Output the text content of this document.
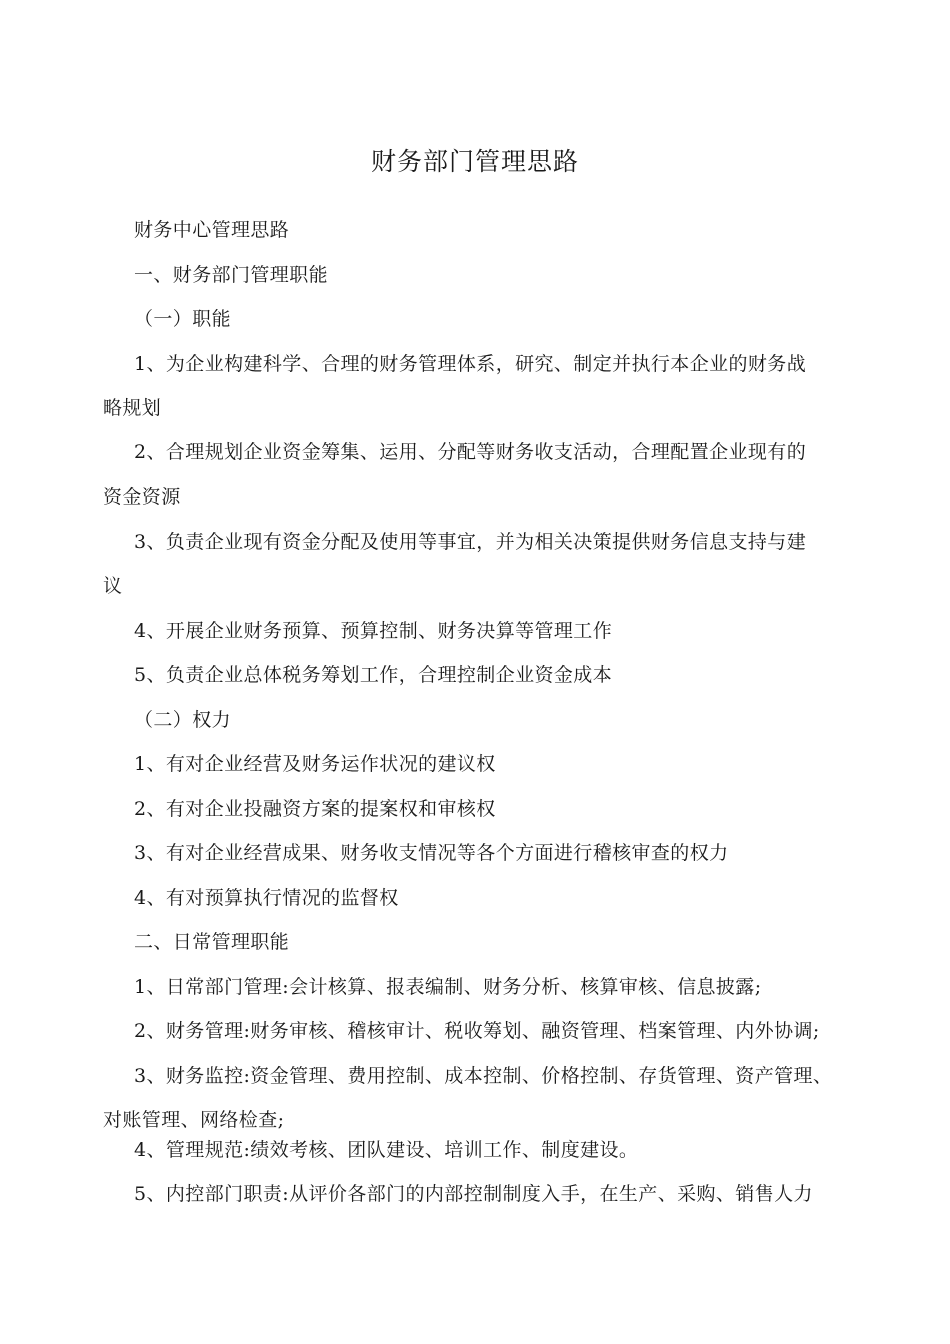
财务部门管理思路
财务中心管理思路
一、财务部门管理职能
（一）职能
1、为企业构建科学、合理的财务管理体系，研究、制定并执行本企业的财务战
略规划
2、合理规划企业资金筹集、运用、分配等财务收支活动，合理配置企业现有的
资金资源
3、负责企业现有资金分配及使用等事宜，并为相关决策提供财务信息支持与建
议
4、开展企业财务预算、预算控制、财务决算等管理工作
5、负责企业总体税务筹划工作，合理控制企业资金成本
（二）权力
1、有对企业经营及财务运作状况的建议权
2、有对企业投融资方案的提案权和审核权
3、有对企业经营成果、财务收支情况等各个方面进行稽核审查的权力
4、有对预算执行情况的监督权
二、日常管理职能
1、日常部门管理:会计核算、报表编制、财务分析、核算审核、信息披露;
2、财务管理:财务审核、稽核审计、税收筹划、融资管理、档案管理、内外协调;
3、财务监控:资金管理、费用控制、成本控制、价格控制、存货管理、资产管理、
对账管理、网络检查;
4、管理规范:绩效考核、团队建设、培训工作、制度建设。
5、内控部门职责:从评价各部门的内部控制制度入手，在生产、采购、销售人力
